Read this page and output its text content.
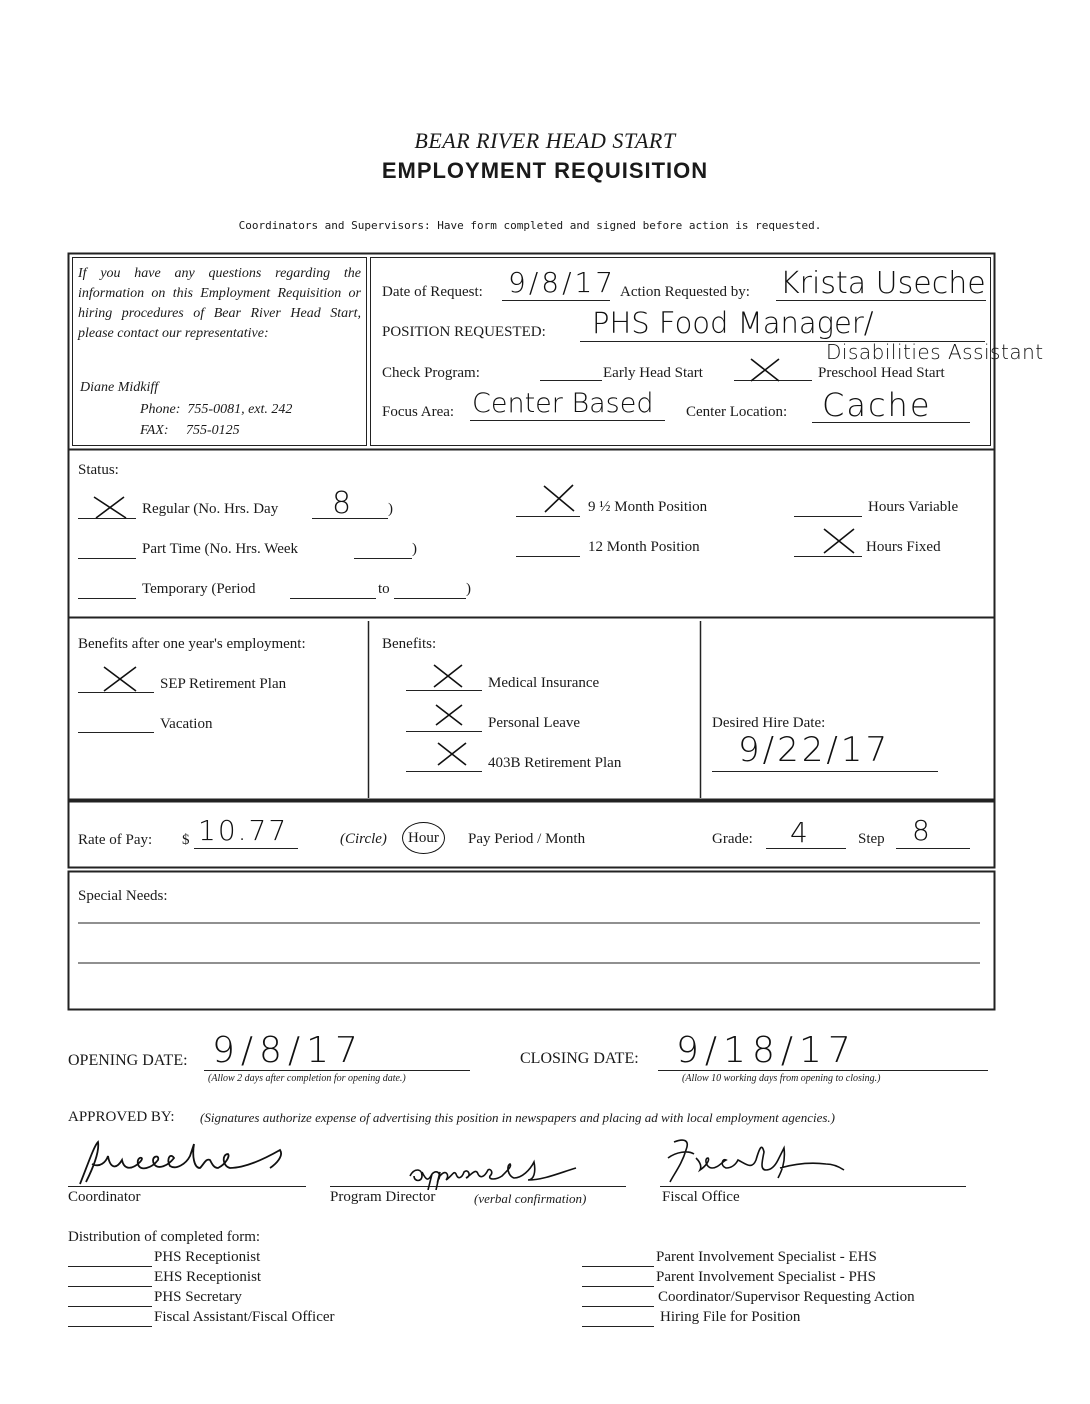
BEAR RIVER HEAD START
EMPLOYMENT REQUISITION
Coordinators and Supervisors: Have form completed and signed before action is requested.
If you have any questions regarding the information on this Employment Requisition or hiring procedures of Bear River Head Start, please contact our representative:
Diane Midkiff
Phone:  755-0081, ext. 242
FAX:     755-0125
Date of Request: 9/8/17 Action Requested by: Krista Useche
POSITION REQUESTED: PHS Food Manager/
Disabilities Assistant
Check Program:	Early Head Start	Preschool Head Start
Focus Area: Center Based Center Location: Cache
Status:
Regular (No. Hrs. Day 8 )
Part Time (No. Hrs. Week	)
Temporary (Period	to	)
9 ½ Month Position
12 Month Position
Hours Variable
Hours Fixed
Benefits after one year's employment:
SEP Retirement Plan
Vacation
Benefits:
Medical Insurance
Personal Leave
403B Retirement Plan
Desired Hire Date:
9/22/17
Rate of Pay: $ 10.77	(Circle)	Hour	Pay Period / Month	Grade: 4	Step 8
Special Needs:
OPENING DATE: 9/8/17
(Allow 2 days after completion for opening date.)
CLOSING DATE: 9/18/17
(Allow 10 working days from opening to closing.)
APPROVED BY: (Signatures authorize expense of advertising this position in newspapers and placing ad with local employment agencies.)
Coordinator	Program Director	(verbal confirmation)	Fiscal Office
Distribution of completed form:
PHS Receptionist
EHS Receptionist
PHS Secretary
Fiscal Assistant/Fiscal Officer
Parent Involvement Specialist - EHS
Parent Involvement Specialist - PHS
Coordinator/Supervisor Requesting Action
Hiring File for Position
